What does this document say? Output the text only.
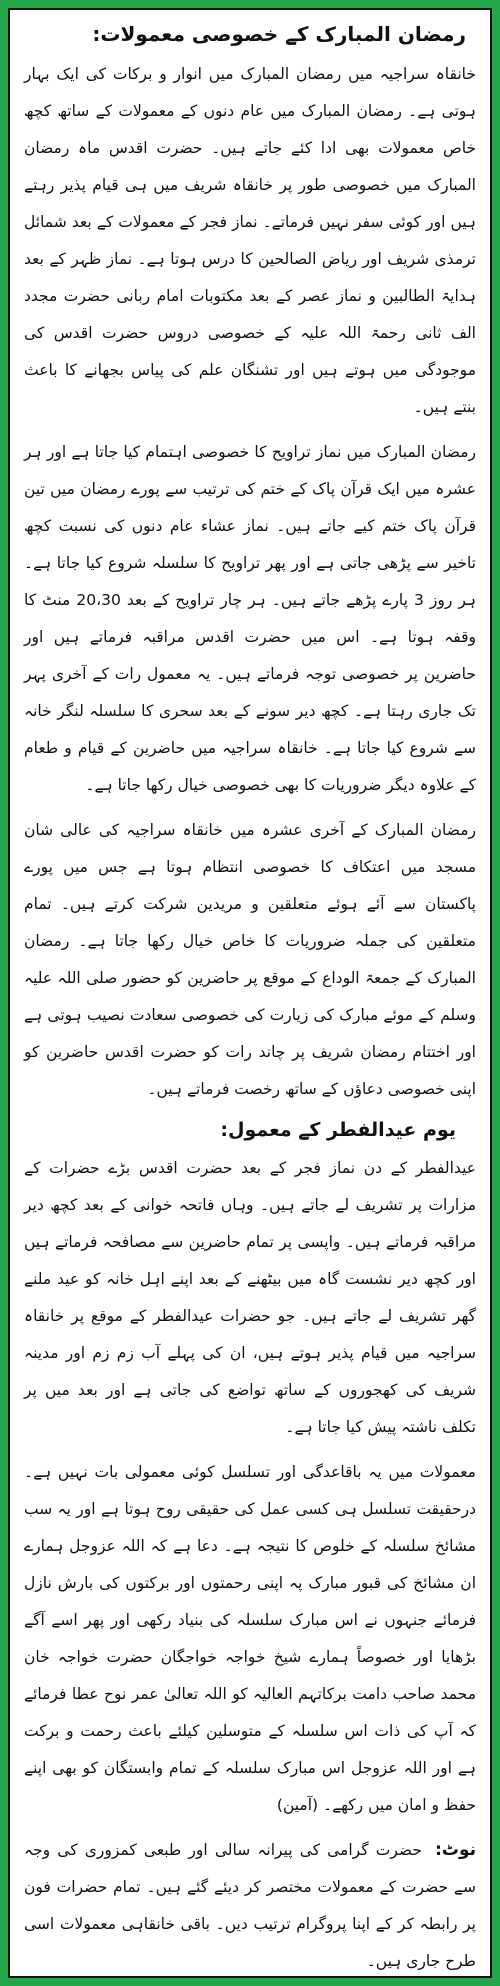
رمضان المبارک کے خصوصی معمولات:

خانقاہ سراجیہ میں رمضان المبارک میں انوار و برکات کی ایک بہار ہوتی ہے۔ رمضان المبارک میں عام دنوں کے معمولات کے ساتھ کچھ خاص معمولات بھی ادا کئے جاتے ہیں۔ حضرت اقدس ماہ رمضان المبارک میں خصوصی طور پر خانقاہ شریف میں ہی قیام پذیر رہتے ہیں اور کوئی سفر نہیں فرماتے۔ نماز فجر کے معمولات کے بعد شمائل ترمذی شریف اور ریاض الصالحین کا درس ہوتا ہے۔ نماز ظہر کے بعد ہدایۃ الطالبین و نماز عصر کے بعد مکتوبات امام ربانی حضرت مجدد الف ثانی رحمۃ اللہ علیہ کے خصوصی دروس حضرت اقدس کی موجودگی میں ہوتے ہیں اور تشنگان علم کی پیاس بجھانے کا باعث بنتے ہیں۔

رمضان المبارک میں نماز تراویح کا خصوصی اہتمام کیا جاتا ہے اور ہر عشرہ میں ایک قرآن پاک کے ختم کی ترتیب سے پورے رمضان میں تین قرآن پاک ختم کیے جاتے ہیں۔ نماز عشاء عام دنوں کی نسبت کچھ تاخیر سے پڑھی جاتی ہے اور پھر تراویح کا سلسلہ شروع کیا جاتا ہے۔ ہر روز 3 پارے پڑھے جاتے ہیں۔ ہر چار تراویح کے بعد 20،30 منٹ کا وقفہ ہوتا ہے۔ اس میں حضرت اقدس مراقبہ فرماتے ہیں اور حاضرین پر خصوصی توجہ فرماتے ہیں۔ یہ معمول رات کے آخری پہر تک جاری رہتا ہے۔ کچھ دیر سونے کے بعد سحری کا سلسلہ لنگر خانہ سے شروع کیا جاتا ہے۔ خانقاہ سراجیہ میں حاضرین کے قیام و طعام کے علاوہ دیگر ضروریات کا بھی خصوصی خیال رکھا جاتا ہے۔

رمضان المبارک کے آخری عشرہ میں خانقاہ سراجیہ کی عالی شان مسجد میں اعتکاف کا خصوصی انتظام ہوتا ہے جس میں پورے پاکستان سے آئے ہوئے متعلقین و مریدین شرکت کرتے ہیں۔ تمام متعلقین کی جملہ ضروریات کا خاص خیال رکھا جاتا ہے۔ رمضان المبارک کے جمعۃ الوداع کے موقع پر حاضرین کو حضور صلی اللہ علیہ وسلم کے موئے مبارک کی زیارت کی خصوصی سعادت نصیب ہوتی ہے اور اختتام رمضان شریف پر چاند رات کو حضرت اقدس حاضرین کو اپنی خصوصی دعاؤں کے ساتھ رخصت فرماتے ہیں۔

یوم عیدالفطر کے معمول:

عیدالفطر کے دن نماز فجر کے بعد حضرت اقدس بڑے حضرات کے مزارات پر تشریف لے جاتے ہیں۔ وہاں فاتحہ خوانی کے بعد کچھ دیر مراقبہ فرماتے ہیں۔ واپسی پر تمام حاضرین سے مصافحہ فرماتے ہیں اور کچھ دیر نشست گاہ میں بیٹھنے کے بعد اپنے اہل خانہ کو عید ملنے گھر تشریف لے جاتے ہیں۔ جو حضرات عیدالفطر کے موقع پر خانقاہ سراجیہ میں قیام پذیر ہوتے ہیں، ان کی پہلے آب زم زم اور مدینہ شریف کی کھجوروں کے ساتھ تواضع کی جاتی ہے اور بعد میں پر تکلف ناشتہ پیش کیا جاتا ہے۔

معمولات میں یہ باقاعدگی اور تسلسل کوئی معمولی بات نہیں ہے۔ درحقیقت تسلسل ہی کسی عمل کی حقیقی روح ہوتا ہے اور یہ سب مشائخ سلسلہ کے خلوص کا نتیجہ ہے۔ دعا ہے کہ اللہ عزوجل ہمارے ان مشائخ کی قبور مبارک پہ اپنی رحمتوں اور برکتوں کی بارش نازل فرمائے جنہوں نے اس مبارک سلسلہ کی بنیاد رکھی اور پھر اسے آگے بڑھایا اور خصوصاً ہمارے شیخ خواجہ خواجگان حضرت خواجہ خان محمد صاحب دامت برکاتہم العالیہ کو اللہ تعالیٰ عمر نوح عطا فرمائے کہ آپ کی ذات اس سلسلہ کے متوسلین کیلئے باعث رحمت و برکت ہے اور اللہ عزوجل اس مبارک سلسلہ کے تمام وابستگان کو بھی اپنے حفظ و امان میں رکھے۔ (آمین)

نوٹ: حضرت گرامی کی پیرانہ سالی اور طبعی کمزوری کی وجہ سے حضرت کے معمولات مختصر کر دیئے گئے ہیں۔ تمام حضرات فون پر رابطہ کر کے اپنا پروگرام ترتیب دیں۔ باقی خانقاہی معمولات اسی طرح جاری ہیں۔
